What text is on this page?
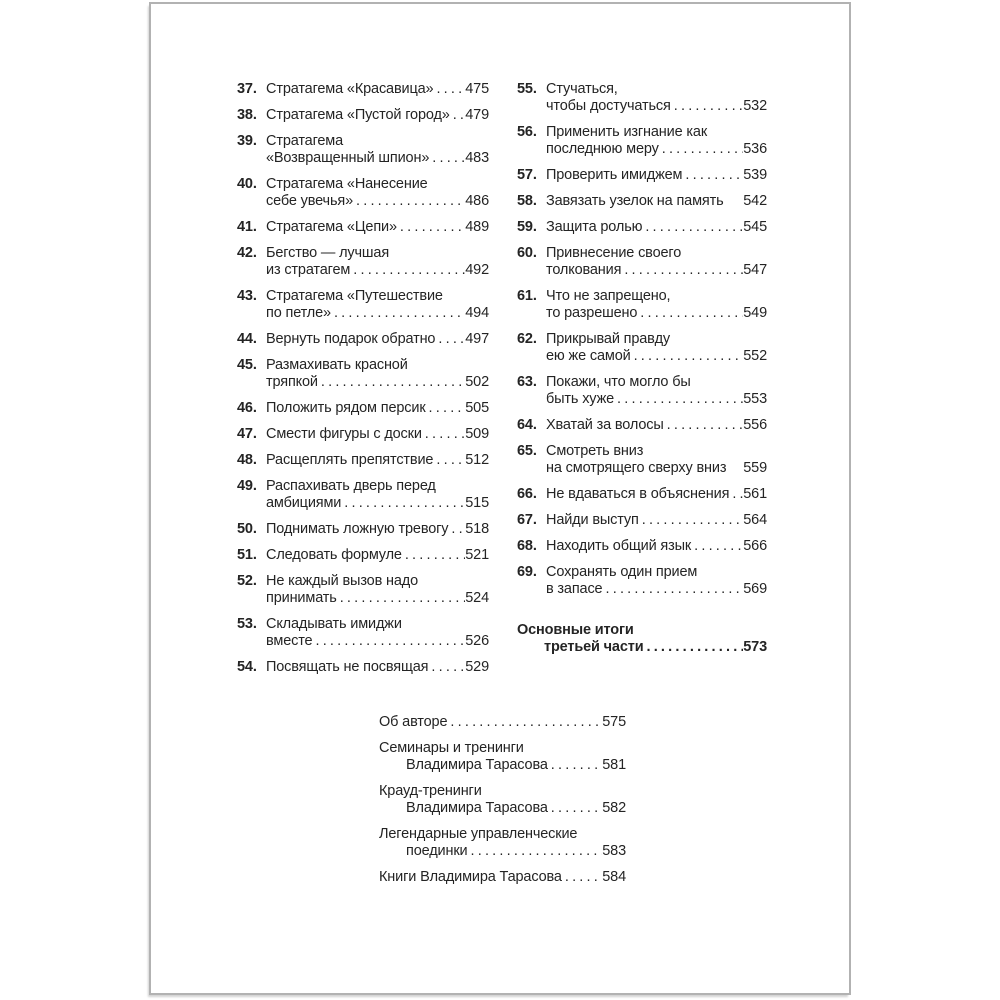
37. Стратагема «Красавица» ..... 475
38. Стратагема «Пустой город» ..... 479
39. Стратагема
«Возвращенный шпион» ..... 483
40. Стратагема «Нанесение
себе увечья» .....	486
41. Стратагема «Цепи» .....	489
42. Бегство — лучшая
из стратагем .....	492
43. Стратагема «Путешествие
по петле» .....	494
44. Вернуть подарок обратно ..... 497
45. Размахивать красной
тряпкой .....	502
46. Положить рядом персик .....	505
47. Смести фигуры с доски .....	509
48. Расщеплять препятствие ..... 512
49. Распахивать дверь перед
амбициями .....	515
50. Поднимать ложную тревогу ..... 518
51. Следовать формуле .....	521
52. Не каждый вызов надо
принимать .....	524
53. Складывать имиджи
вместе .....	526
54. Посвящать не посвящая .....	529
55. Стучаться,
чтобы достучаться .....	532
56. Применить изгнание как
последнюю меру .....	536
57. Проверить имиджем .....	539
58. Завязать узелок на память 542
59. Защита ролью .....	545
60. Привнесение своего
толкования .....	547
61. Что не запрещено,
то разрешено .....	549
62. Прикрывай правду
ею же самой .....	552
63. Покажи, что могло бы
быть хуже .....	553
64. Хватай за волосы .....	556
65. Смотреть вниз
на смотрящего сверху вниз 559
66. Не вдаваться в объяснения ..... 561
67. Найди выступ .....	564
68. Находить общий язык .....	566
69. Сохранять один прием
в запасе .....	569
Основные итоги
третьей части .....	573
Об авторе .....	575
Семинары и тренинги
Владимира Тарасова .....	581
Крауд-тренинги
Владимира Тарасова .....	582
Легендарные управленческие
поединки .....	583
Книги Владимира Тарасова .....	584
